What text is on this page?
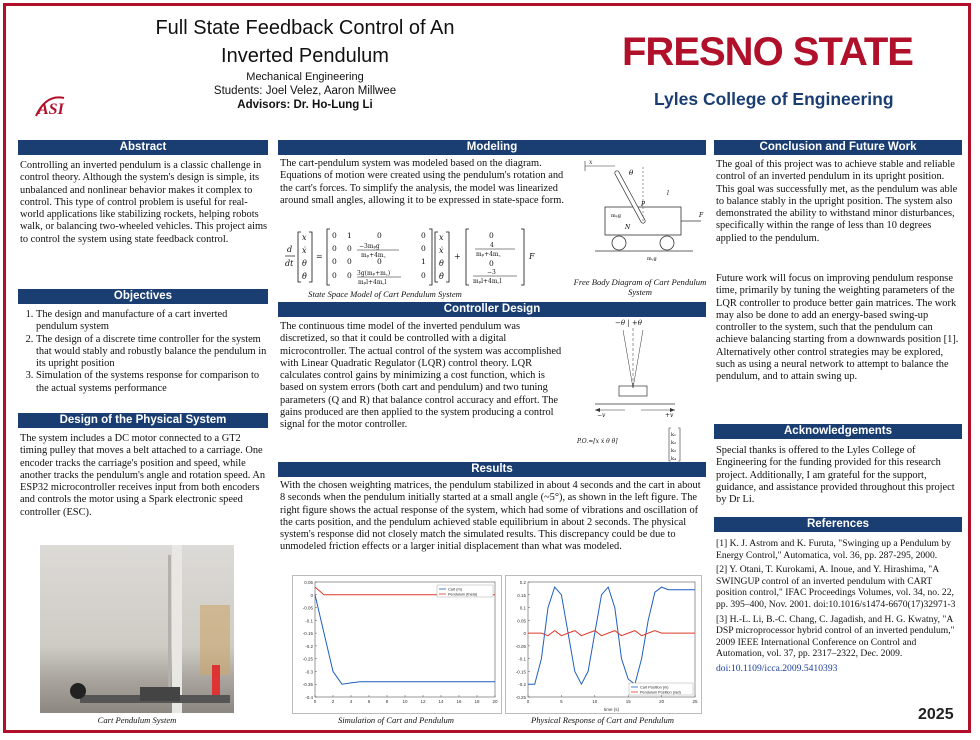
ASI
Full State Feedback Control of An
Inverted Pendulum
Mechanical Engineering
Students: Joel Velez, Aaron Millwee
Advisors: Dr. Ho-Lung Li
FRESNO STATE
Lyles College of Engineering
Abstract
Controlling an inverted pendulum is a classic challenge in control theory. Although the system's design is simple, its unbalanced and nonlinear behavior makes it complex to control. This type of control problem is useful for real-world applications like stabilizing rockets, helping robots walk, or balancing two-wheeled vehicles. This project aims to control the system using state feedback control.
Objectives
1. The design and manufacture of a cart inverted pendulum system
2. The design of a discrete time controller for the system that would stably and robustly balance the pendulum in its upright position
3. Simulation of the systems response for comparison to the actual systems performance
Design of the Physical System
The system includes a DC motor connected to a GT2 timing pulley that moves a belt attached to a carriage. One encoder tracks the carriage's position and speed, while another tracks the pendulum's angle and rotation speed. An ESP32 microcontroller receives input from both encoders and controls the motor using a Spark electronic speed controller (ESC).
Cart Pendulum System
Modeling
The cart-pendulum system was modeled based on the diagram. Equations of motion were created using the pendulum's rotation and the cart's forces. To simplify the analysis, the model was linearized around small angles, allowing it to be expressed in state-space form.
d
dt
x
ẋ
θ
θ̇
=
0 1	0	0
0 0 −3mₚg
mₚ+4m꜀
0
0 0	0	1
0 0 3g(mₚ+m꜀)
mₚl+4m꜀l
0
x
ẋ
θ
θ̇
+
0
4
mₚ+4m꜀
0
−3
mₚl+4m꜀l
F
State Space Model of Cart Pendulum System
x
θ
l
mₚg
P
N
F
m꜀g
Free Body Diagram of Cart Pendulum System
Controller Design
The continuous time model of the inverted pendulum was discretized, so that it could be controlled with a digital microcontroller. The actual control of the system was accomplished with Linear Quadratic Regulator (LQR) control theory. LQR calculates control gains by minimizing a cost function, which is based on system errors (both cart and pendulum) and two tuning parameters (Q and R) that balance control accuracy and effort. The gains produced are then applied to the system producing a control signal for the motor controller.
k₁
k₂
k₃
k₄
−θ | +θ
−v	+v
P.O.=[x ẋ θ θ̇]
Results
With the chosen weighting matrices, the pendulum stabilized in about 4 seconds and the cart in about 8 seconds when the pendulum initially started at a small angle (~5°), as shown in the left figure. The right figure shows the actual response of the system, which had some of vibrations and oscillation of the carts position, and the pendulum achieved stable equilibrium in about 2 seconds. The physical system's response did not closely match the simulated results. This discrepancy could be due to unmodeled friction effects or a larger initial displacement than what was modeled.
0.05
0
-0.05
-0.1
-0.15
-0.2
-0.25
-0.3
-0.35
-0.4
0	2	4	6	8	10	12	14	16	18	20
Cart (m)
Pendulum (theta)
Simulation of Cart and Pendulum
0.2
0.15
0.1
0.05
0
-0.05
-0.1
-0.15
-0.2
-0.25
0	5	10	15	20	25
time (s)
Cart Position (m)
Pendulum Position (rad)
Physical Response of Cart and Pendulum
Conclusion and Future Work
The goal of this project was to achieve stable and reliable control of an inverted pendulum in its upright position. This goal was successfully met, as the pendulum was able to balance stably in the upright position. The system also demonstrated the ability to withstand minor disturbances, specifically within the range of less than 10 degrees applied to the pendulum.
Future work will focus on improving pendulum response time, primarily by tuning the weighting parameters of the LQR controller to produce better gain matrices. The work may also be done to add an energy-based swing-up controller to the system, such that the pendulum can achieve balancing starting from a downwards position [1]. Alternatively other control strategies may be explored, such as using a neural network to attempt to balance the pendulum, and to attain swing up.
Acknowledgements
Special thanks is offered to the Lyles College of Engineering for the funding provided for this research project. Additionally, I am grateful for the support, guidance, and assistance provided throughout this project by Dr Li.
References

[1] K. J. Astrom and K. Furuta, "Swinging up a Pendulum by Energy Control," Automatica, vol. 36, pp. 287-295, 2000.

[2] Y. Otani, T. Kurokami, A. Inoue, and Y. Hirashima, "A SWINGUP control of an inverted pendulum with CART position control," IFAC Proceedings Volumes, vol. 34, no. 22, pp. 395–400, Nov. 2001. doi:10.1016/s1474-6670(17)32971-3

[3] H.-L. Li, B.-C. Chang, C. Jagadish, and H. G. Kwatny, "A DSP microprocessor hybrid control of an inverted pendulum," 2009 IEEE International Conference on Control and Automation, vol. 37, pp. 2317–2322, Dec. 2009.

doi:10.1109/icca.2009.5410393
2025
